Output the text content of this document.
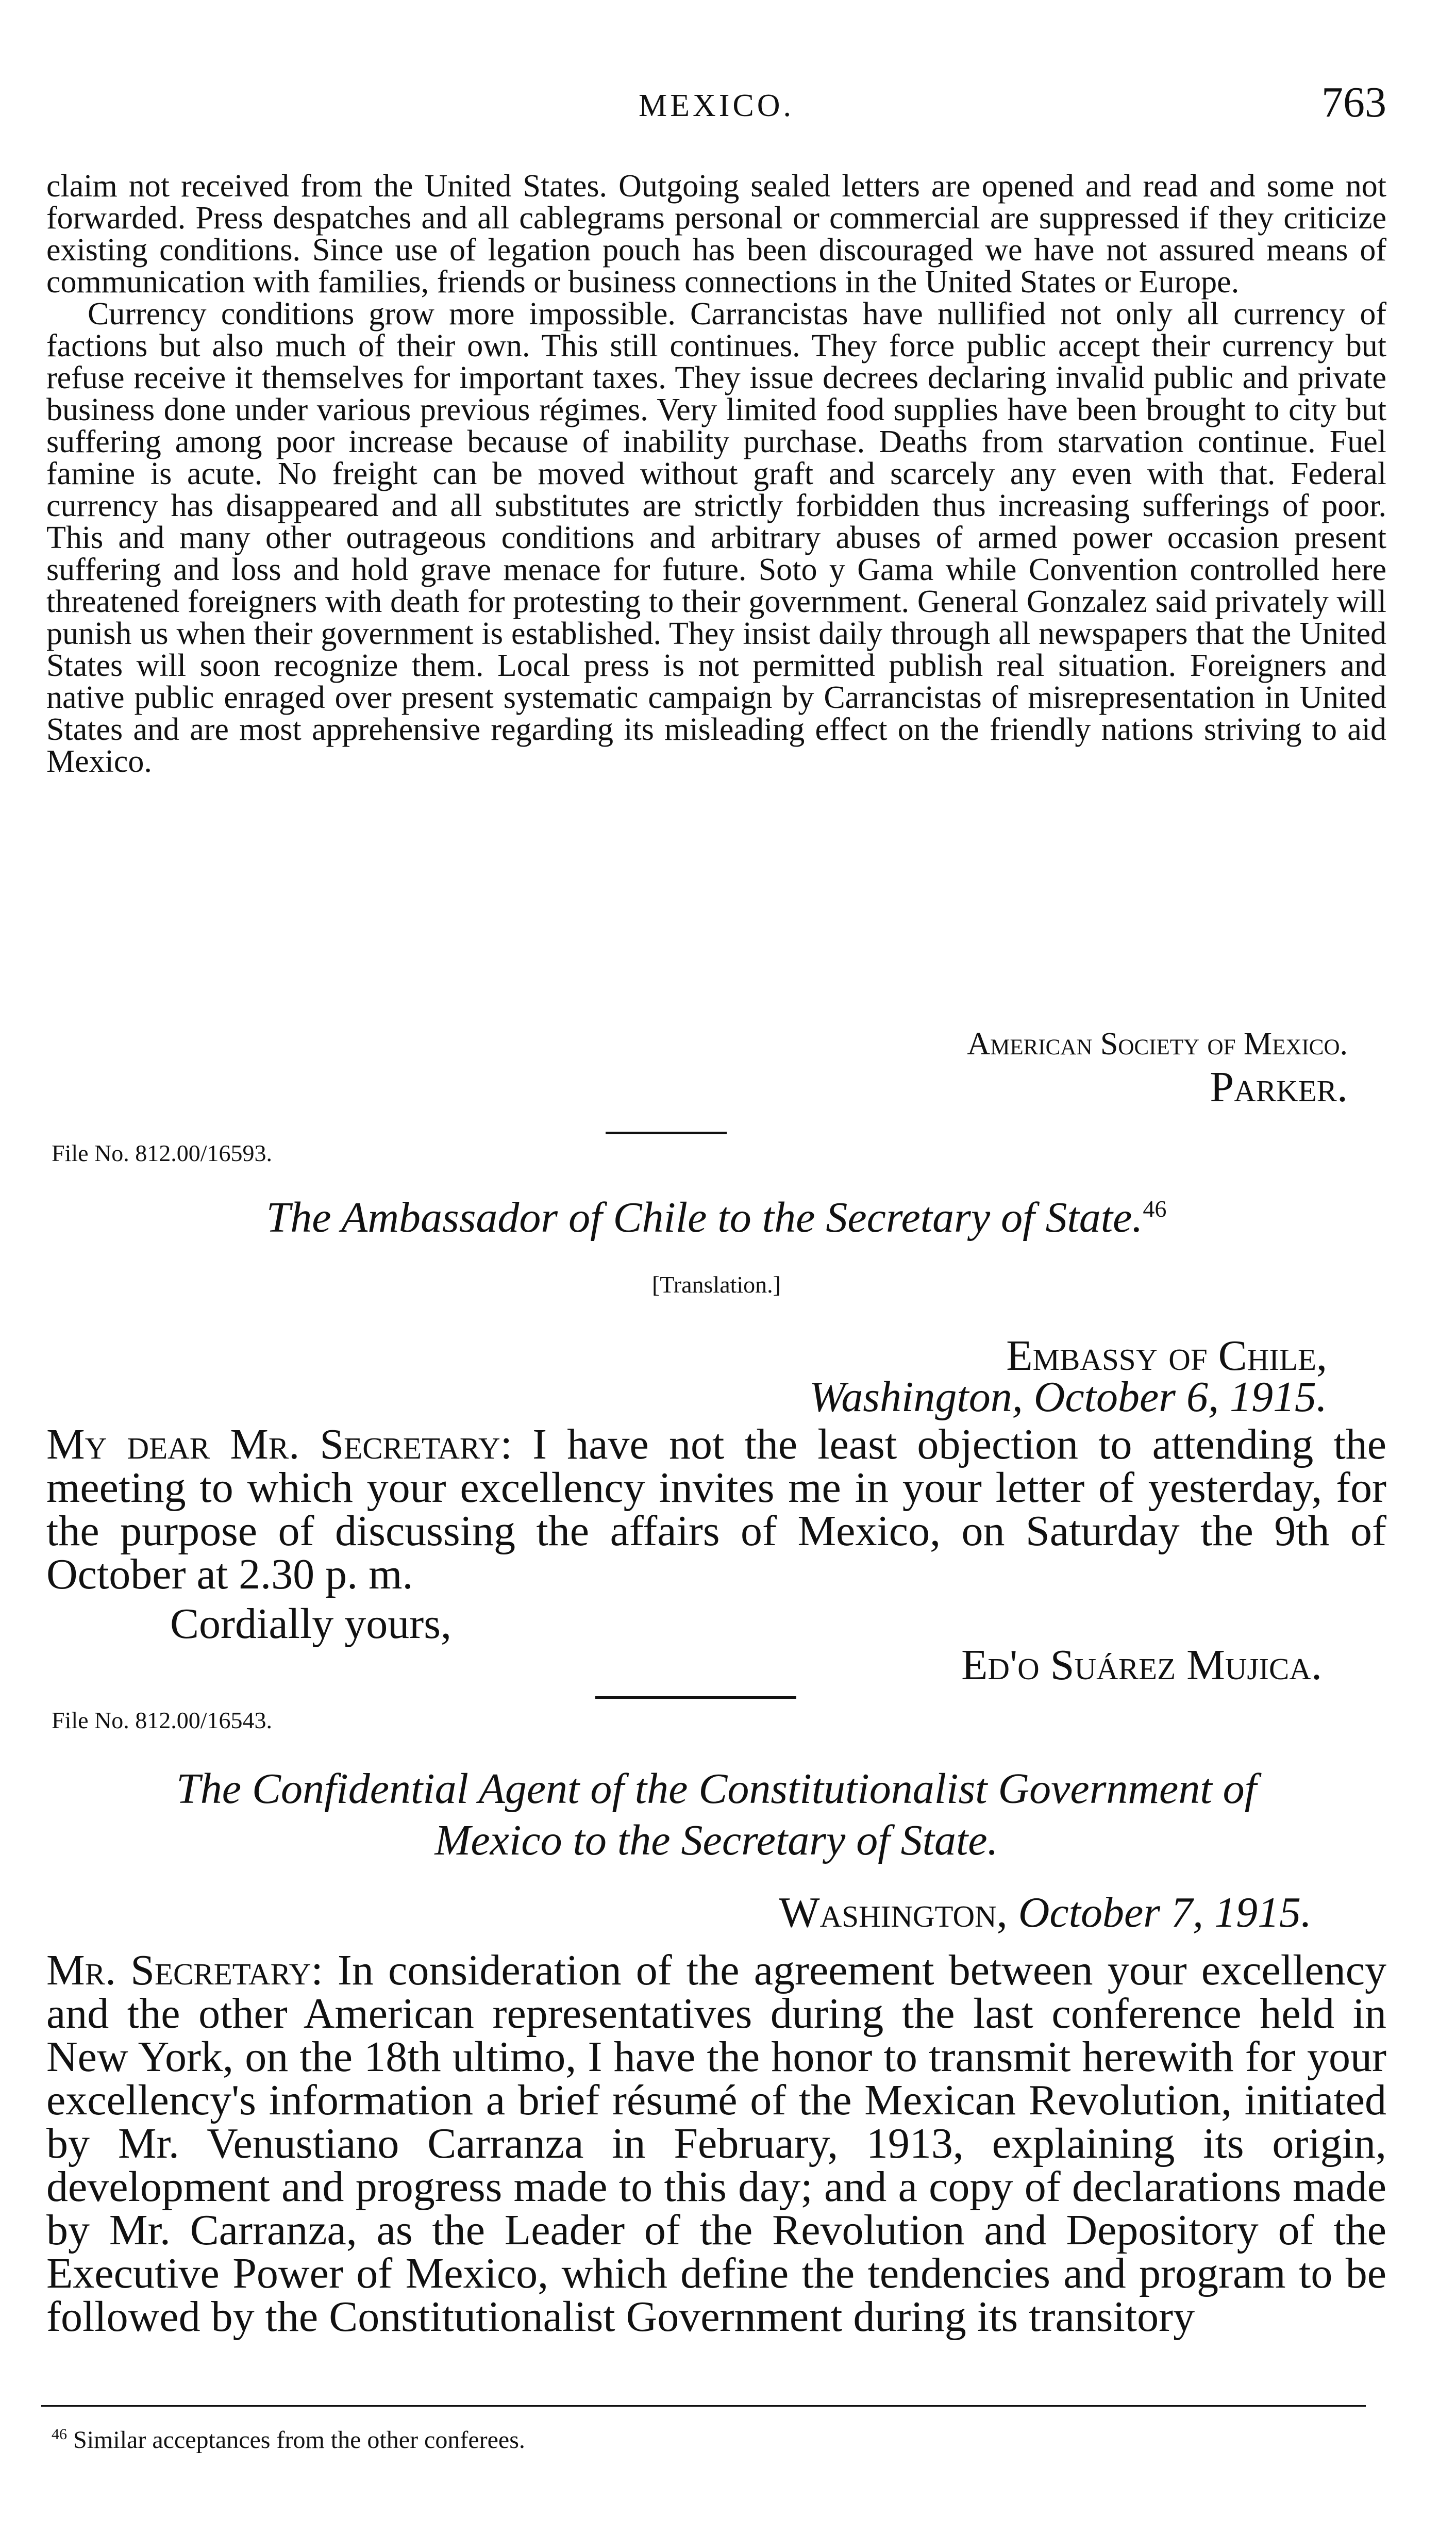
MEXICO.	763

claim not received from the United States. Outgoing sealed letters are opened and read and some not forwarded. Press despatches and all cablegrams personal or commercial are suppressed if they criticize existing conditions. Since use of legation pouch has been discouraged we have not assured means of communication with families, friends or business connections in the United States or Europe.

Currency conditions grow more impossible. Carrancistas have nullified not only all currency of factions but also much of their own. This still continues. They force public accept their currency but refuse receive it themselves for important taxes. They issue decrees declaring invalid public and private business done under various previous régimes. Very limited food supplies have been brought to city but suffering among poor increase because of inability purchase. Deaths from starvation continue. Fuel famine is acute. No freight can be moved without graft and scarcely any even with that. Federal currency has disappeared and all substitutes are strictly forbidden thus increasing sufferings of poor. This and many other outrageous conditions and arbitrary abuses of armed power occasion present suffering and loss and hold grave menace for future. Soto y Gama while Convention controlled here threatened foreigners with death for protesting to their government. General Gonzalez said privately will punish us when their government is established. They insist daily through all newspapers that the United States will soon recognize them. Local press is not permitted publish real situation. Foreigners and native public enraged over present systematic campaign by Carrancistas of misrepresentation in United States and are most apprehensive regarding its misleading effect on the friendly nations striving to aid Mexico.

American Society of Mexico.
Parker.
File No. 812.00/16593.
The Ambassador of Chile to the Secretary of State.$^{46}$
[Translation.]
Embassy of Chile,
Washington, October 6, 1915.

My dear Mr. Secretary: I have not the least objection to attending the meeting to which your excellency invites me in your letter of yesterday, for the purpose of discussing the affairs of Mexico, on Saturday the 9th of October at 2.30 p. m.

Cordially yours,
Ed'o Suárez Mujica.
File No. 812.00/16543.
The Confidential Agent of the Constitutionalist Government of
Mexico to the Secretary of State.
Washington, October 7, 1915.

Mr. Secretary: In consideration of the agreement between your excellency and the other American representatives during the last conference held in New York, on the 18th ultimo, I have the honor to transmit herewith for your excellency's information a brief résumé of the Mexican Revolution, initiated by Mr. Venustiano Carranza in February, 1913, explaining its origin, development and progress made to this day; and a copy of declarations made by Mr. Carranza, as the Leader of the Revolution and Depository of the Executive Power of Mexico, which define the tendencies and program to be followed by the Constitutionalist Government during its transitory

$^{46}$ Similar acceptances from the other conferees.
